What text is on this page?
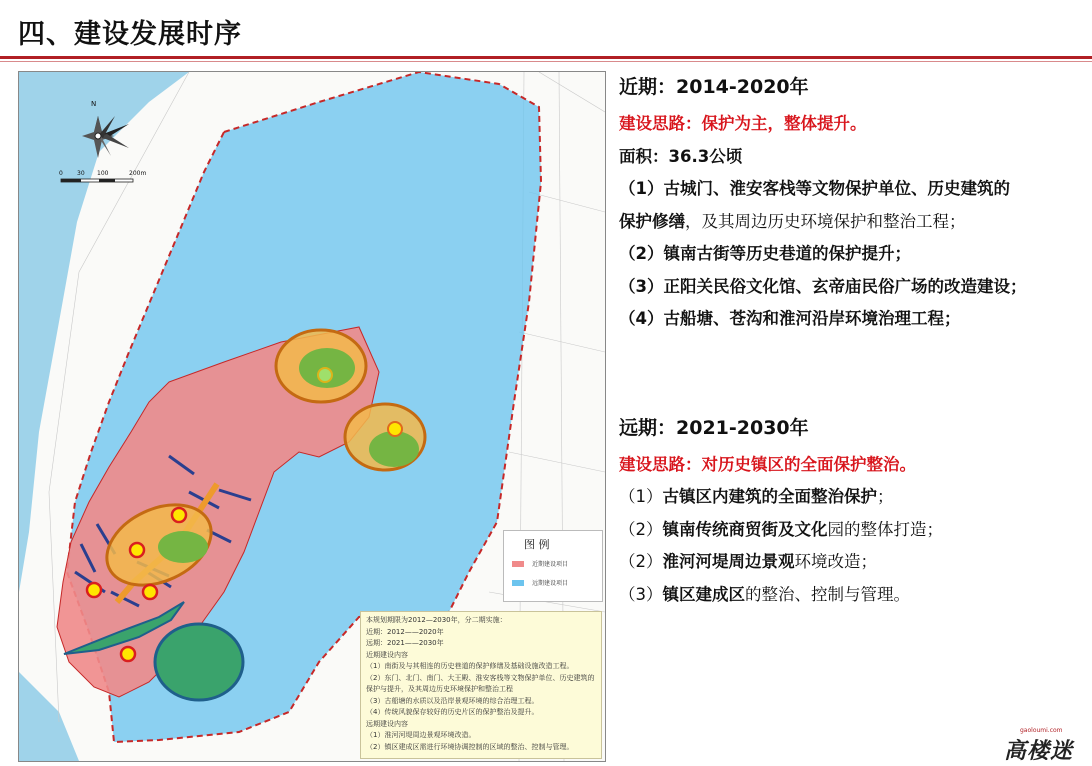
四、建设发展时序
N
0 30 100	200m
图 例
近期建设项目
远期建设项目
本规划期限为2012—2030年，分二期实施：
近期：2012——2020年
远期：2021——2030年
近期建设内容
（1）南街及与其相连的历史巷道的保护修缮及基础设施改造工程。
（2）东门、北门、南门、大王殿、淮安客栈等文物保护单位、历史建筑的
保护与提升，及其周边历史环境保护和整治工程
（3）古船塘的水质以及沿岸景观环境的综合治理工程。
（4）传统风貌保存较好的历史片区的保护整治及提升。
远期建设内容
（1）淮河河堤周边景观环境改造。
（2）镇区建成区需进行环境协调控制的区域的整治、控制与管理。
近期：2014-2020年
建设思路：保护为主，整体提升。
面积：36.3公顷
（1）古城门、淮安客栈等文物保护单位、历史建筑的
保护修缮，及其周边历史环境保护和整治工程；
（2）镇南古街等历史巷道的保护提升；
（3）正阳关民俗文化馆、玄帝庙民俗广场的改造建设；
（4）古船塘、苍沟和淮河沿岸环境治理工程；
远期：2021-2030年
建设思路：对历史镇区的全面保护整治。
（1）古镇区内建筑的全面整治保护；
（2）镇南传统商贸街及文化园的整体打造；
（2）淮河河堤周边景观环境改造；
（3）镇区建成区的整治、控制与管理。
gaoloumi.com
高楼迷
